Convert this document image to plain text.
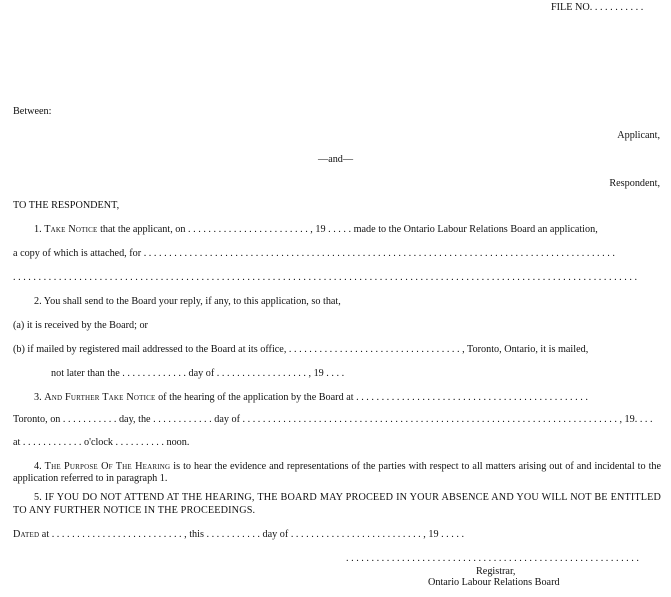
FILE NO. . . . . . . . . . .
Between:
Applicant,
—and—
Respondent,
TO THE RESPONDENT,
1. Take Notice that the applicant, on . . . . . . . . . . . . . . . . . . . . . . . . , 19 . . . . . made to the Ontario Labour Relations Board an application,
a copy of which is attached, for . . . . . . . . . . . . . . . . . . . . . . . . . . . . . . . . . . . . . . . . . . . . . . . . . . . . . . . . . . . . . . . . . . . . . . . . . . . . . . . . . . . . . . . . . . . . .
. . . . . . . . . . . . . . . . . . . . . . . . . . . . . . . . . . . . . . . . . . . . . . . . . . . . . . . . . . . . . . . . . . . . . . . . . . . . . . . . . . . . . . . . . . . . . . . . . . . . . . . . . . . . . . . . . . . . . . . . . . .
2. You shall send to the Board your reply, if any, to this application, so that,
(a) it is received by the Board; or
(b) if mailed by registered mail addressed to the Board at its office, . . . . . . . . . . . . . . . . . . . . . . . . . . . . . . . . . . , Toronto, Ontario, it is mailed,
not later than the . . . . . . . . . . . . . day of . . . . . . . . . . . . . . . . . . , 19 . . . .
3. And Further Take Notice of the hearing of the application by the Board at . . . . . . . . . . . . . . . . . . . . . . . . . . . . . . . . . . . . . . . . . . . . . .
Toronto, on . . . . . . . . . . . day, the . . . . . . . . . . . . day of . . . . . . . . . . . . . . . . . . . . . . . . . . . . . . . . . . . . . . . . . . . . . . . . . . . . . . . . . . . . . . . . . . . . . . . . . . , 19. . . .
at . . . . . . . . . . . . o'clock . . . . . . . . . . noon.
4. The Purpose Of The Hearing is to hear the evidence and representations of the parties with respect to all matters arising out of and incidental to the application referred to in paragraph 1.
5. IF YOU DO NOT ATTEND AT THE HEARING, THE BOARD MAY PROCEED IN YOUR ABSENCE AND YOU WILL NOT BE ENTITLED TO ANY FURTHER NOTICE IN THE PROCEEDINGS.
Dated at . . . . . . . . . . . . . . . . . . . . . . . . . . , this . . . . . . . . . . . day of . . . . . . . . . . . . . . . . . . . . . . . . . . , 19 . . . . .
. . . . . . . . . . . . . . . . . . . . . . . . . . . . . . . . . . . . . . . . . . . . . . . . . . . . . . . . . .
Registrar,
Ontario Labour Relations Board
